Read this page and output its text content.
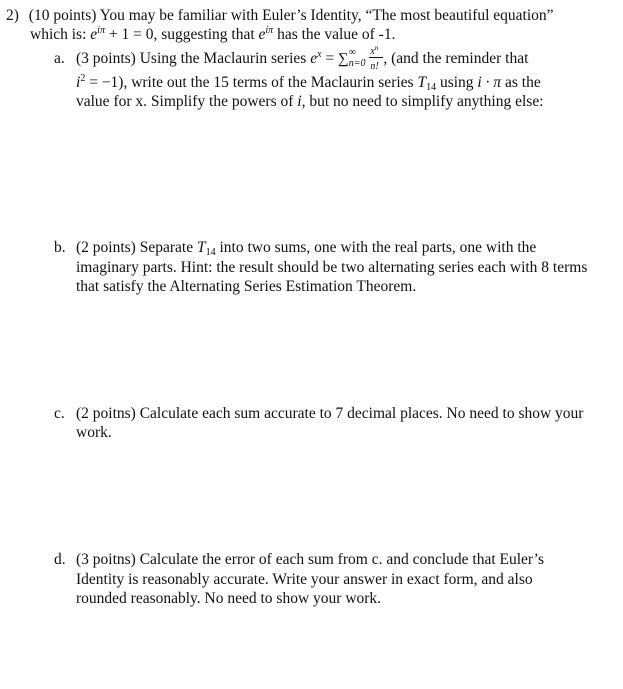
2) (10 points) You may be familiar with Euler’s Identity, “The most beautiful equation”
which is: $e^{i\pi} + 1 = 0$, suggesting that $e^{i\pi}$ has the value of -1.
a. (3 points) Using the Maclaurin series $e^x$ = ∑ ∞
$n=0 \frac{x^n}{n!}$ , (and the reminder that
$i^2 = -1$), write out the 15 terms of the Maclaurin series $T_{14}$ using i · π as the
value for x. Simplify the powers of i, but no need to simplify anything else:
b. (2 points) Separate $T_{14}$ into two sums, one with the real parts, one with the
imaginary parts. Hint: the result should be two alternating series each with 8 terms
that satisfy the Alternating Series Estimation Theorem.
c. (2 poitns) Calculate each sum accurate to 7 decimal places. No need to show your
work.
d. (3 poitns) Calculate the error of each sum from c. and conclude that Euler’s
Identity is reasonably accurate. Write your answer in exact form, and also
rounded reasonably. No need to show your work.
